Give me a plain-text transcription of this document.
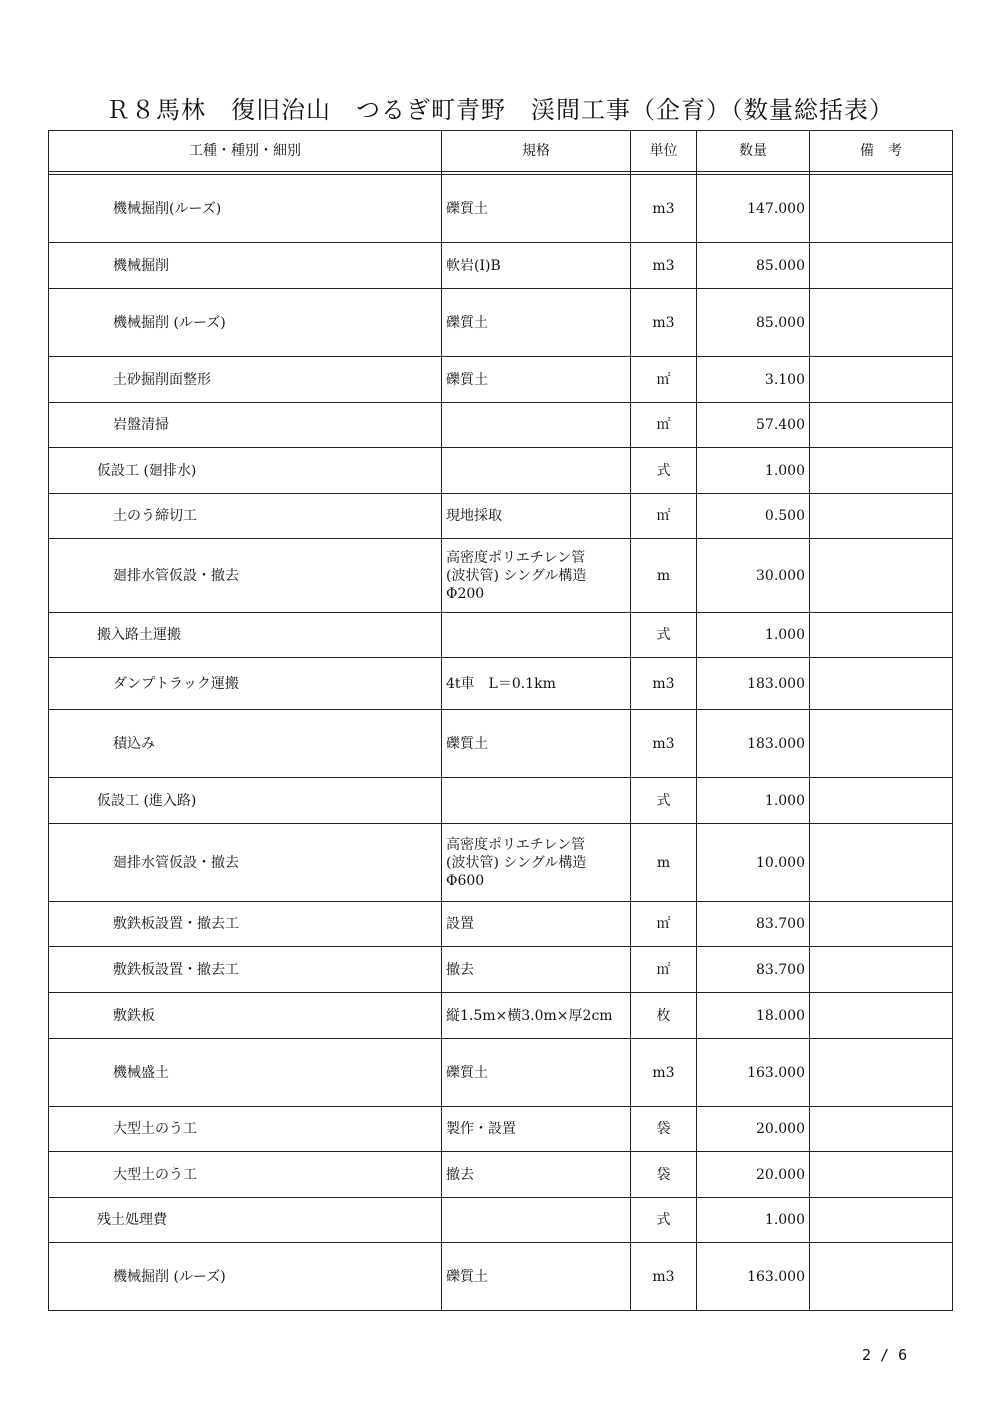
Ｒ８馬林　復旧治山　つるぎ町青野　渓間工事（企育）（数量総括表）
工種・種別・細別	規格	単位	数量	備　考

機械掘削(ルーズ)	礫質土	m3	147.000	
機械掘削	軟岩(Ⅰ)B	m3	85.000	
機械掘削 (ルーズ)	礫質土	m3	85.000	
土砂掘削面整形	礫質土	㎡	3.100	
岩盤清掃		㎡	57.400	
仮設工 (廻排水)		式	1.000	
土のう締切工	現地採取	㎡	0.500	
廻排水管仮設・撤去	高密度ポリエチレン管
(波状管) シングル構造
Φ200	m	30.000	
搬入路土運搬		式	1.000	
ダンプトラック運搬	4t車　L＝0.1km	m3	183.000	
積込み	礫質土	m3	183.000	
仮設工 (進入路)		式	1.000	
廻排水管仮設・撤去	高密度ポリエチレン管
(波状管) シングル構造
Φ600	m	10.000	
敷鉄板設置・撤去工	設置	㎡	83.700	
敷鉄板設置・撤去工	撤去	㎡	83.700	
敷鉄板	縦1.5m×横3.0m×厚2cm	枚	18.000	
機械盛土	礫質土	m3	163.000	
大型土のう工	製作・設置	袋	20.000	
大型土のう工	撤去	袋	20.000	
残土処理費		式	1.000	
機械掘削 (ルーズ)	礫質土	m3	163.000	
2 / 6
